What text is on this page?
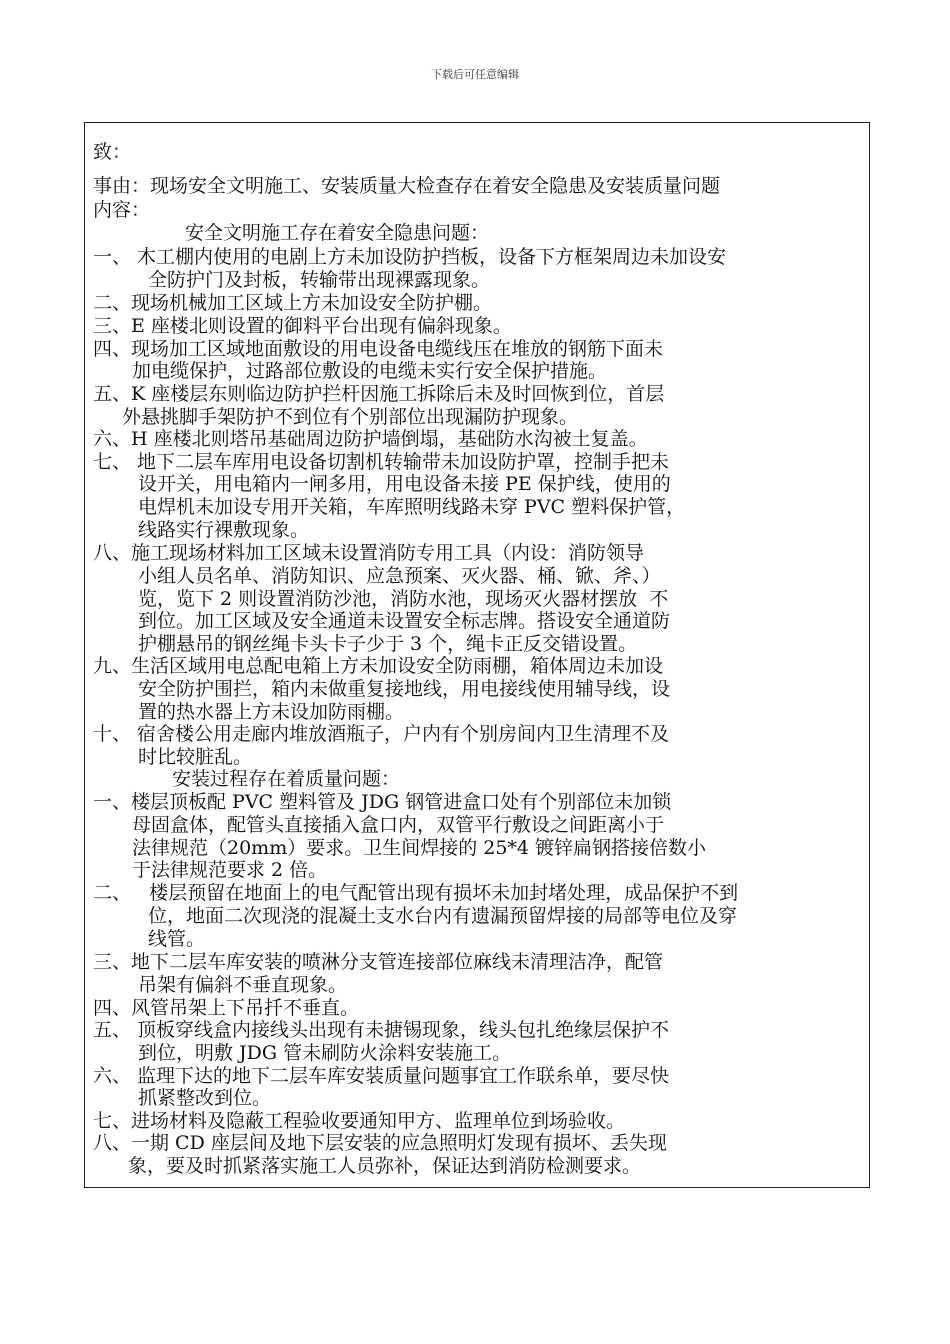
下载后可任意编辑
致：
事由：现场安全文明施工、安装质量大检查存在着安全隐患及安装质量问题
内容：
安全文明施工存在着安全隐患问题：
一、 木工棚内使用的电剧上方未加设防护挡板，设备下方框架周边未加设安
全防护门及封板，转输带出现裸露现象。
二、现场机械加工区域上方未加设安全防护棚。
三、E 座楼北则设置的御料平台出现有偏斜现象。
四、现场加工区域地面敷设的用电设备电缆线压在堆放的钢筋下面未
加电缆保护，过路部位敷设的电缆未实行安全保护措施。
五、K 座楼层东则临边防护拦杆因施工拆除后未及时回恢到位，首层
外悬挑脚手架防护不到位有个别部位出现漏防护现象。
六、H 座楼北则塔吊基础周边防护墙倒塌，基础防水沟被土复盖。
七、 地下二层车库用电设备切割机转输带未加设防护罩，控制手把未
设开关，用电箱内一闸多用，用电设备未接 PE 保护线，使用的
电焊机未加设专用开关箱，车库照明线路未穿 PVC 塑料保护管，
线路实行裸敷现象。
八、施工现场材料加工区域未设置消防专用工具（内设：消防领导
小组人员名单、消防知识、应急预案、灭火器、桶、锨、斧、）
览，览下 2 则设置消防沙池，消防水池，现场灭火器材摆放  不
到位。加工区域及安全通道未设置安全标志牌。搭设安全通道防
护棚悬吊的钢丝绳卡头卡子少于 3 个，绳卡正反交错设置。
九、生活区域用电总配电箱上方未加设安全防雨棚，箱体周边未加设
安全防护围拦，箱内未做重复接地线，用电接线使用辅导线，设
置的热水器上方未设加防雨棚。
十、 宿舍楼公用走廊内堆放酒瓶子，户内有个别房间内卫生清理不及
时比较脏乱。
安装过程存在着质量问题：
一、楼层顶板配 PVC 塑料管及 JDG 钢管进盒口处有个别部位未加锁
母固盒体，配管头直接插入盒口内，双管平行敷设之间距离小于
法律规范（20mm）要求。卫生间焊接的 25*4 镀锌扁钢搭接倍数小
于法律规范要求 2 倍。
二、   楼层预留在地面上的电气配管出现有损坏未加封堵处理，成品保护不到
位，地面二次现浇的混凝土支水台内有遗漏预留焊接的局部等电位及穿
线管。
三、地下二层车库安装的喷淋分支管连接部位麻线未清理洁净，配管
吊架有偏斜不垂直现象。
四、风管吊架上下吊扦不垂直。
五、 顶板穿线盒内接线头出现有未搪锡现象，线头包扎绝缘层保护不
到位，明敷 JDG 管未刷防火涂料安装施工。
六、 监理下达的地下二层车库安装质量问题事宜工作联糸单，要尽快
抓紧整改到位。
七、进场材料及隐蔽工程验收要通知甲方、监理单位到场验收。
八、一期 CD 座层间及地下层安装的应急照明灯发现有损坏、丢失现
象，要及时抓紧落实施工人员弥补，保证达到消防检测要求。
